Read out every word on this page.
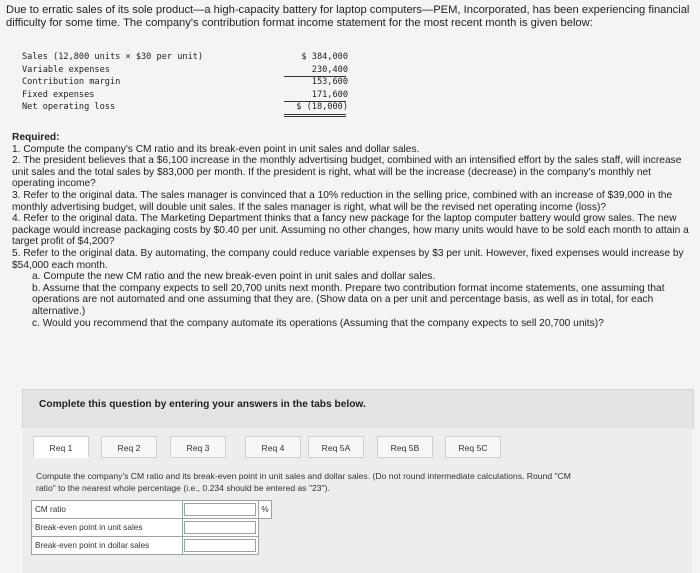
Due to erratic sales of its sole product—a high-capacity battery for laptop computers—PEM, Incorporated, has been experiencing financial difficulty for some time. The company's contribution format income statement for the most recent month is given below:
Sales (12,800 units × $30 per unit)	$ 384,000
Variable expenses	230,400
Contribution margin	153,600
Fixed expenses	171,600
Net operating loss	$ (18,000)
Required:
1. Compute the company's CM ratio and its break-even point in unit sales and dollar sales.
2. The president believes that a $6,100 increase in the monthly advertising budget, combined with an intensified effort by the sales staff, will increase unit sales and the total sales by $83,000 per month. If the president is right, what will be the increase (decrease) in the company's monthly net operating income?
3. Refer to the original data. The sales manager is convinced that a 10% reduction in the selling price, combined with an increase of $39,000 in the monthly advertising budget, will double unit sales. If the sales manager is right, what will be the revised net operating income (loss)?
4. Refer to the original data. The Marketing Department thinks that a fancy new package for the laptop computer battery would grow sales. The new package would increase packaging costs by $0.40 per unit. Assuming no other changes, how many units would have to be sold each month to attain a target profit of $4,200?
5. Refer to the original data. By automating, the company could reduce variable expenses by $3 per unit. However, fixed expenses would increase by $54,000 each month.
a. Compute the new CM ratio and the new break-even point in unit sales and dollar sales.
b. Assume that the company expects to sell 20,700 units next month. Prepare two contribution format income statements, one assuming that operations are not automated and one assuming that they are. (Show data on a per unit and percentage basis, as well as in total, for each alternative.)
c. Would you recommend that the company automate its operations (Assuming that the company expects to sell 20,700 units)?
Complete this question by entering your answers in the tabs below.
Req 1	Req 2	Req 3	Req 4	Req 5A	Req 5B	Req 5C
Compute the company's CM ratio and its break-even point in unit sales and dollar sales. (Do not round intermediate calculations. Round "CM ratio" to the nearest whole percentage (i.e., 0.234 should be entered as "23").
CM ratio		%
Break-even point in unit sales		
Break-even point in dollar sales		
